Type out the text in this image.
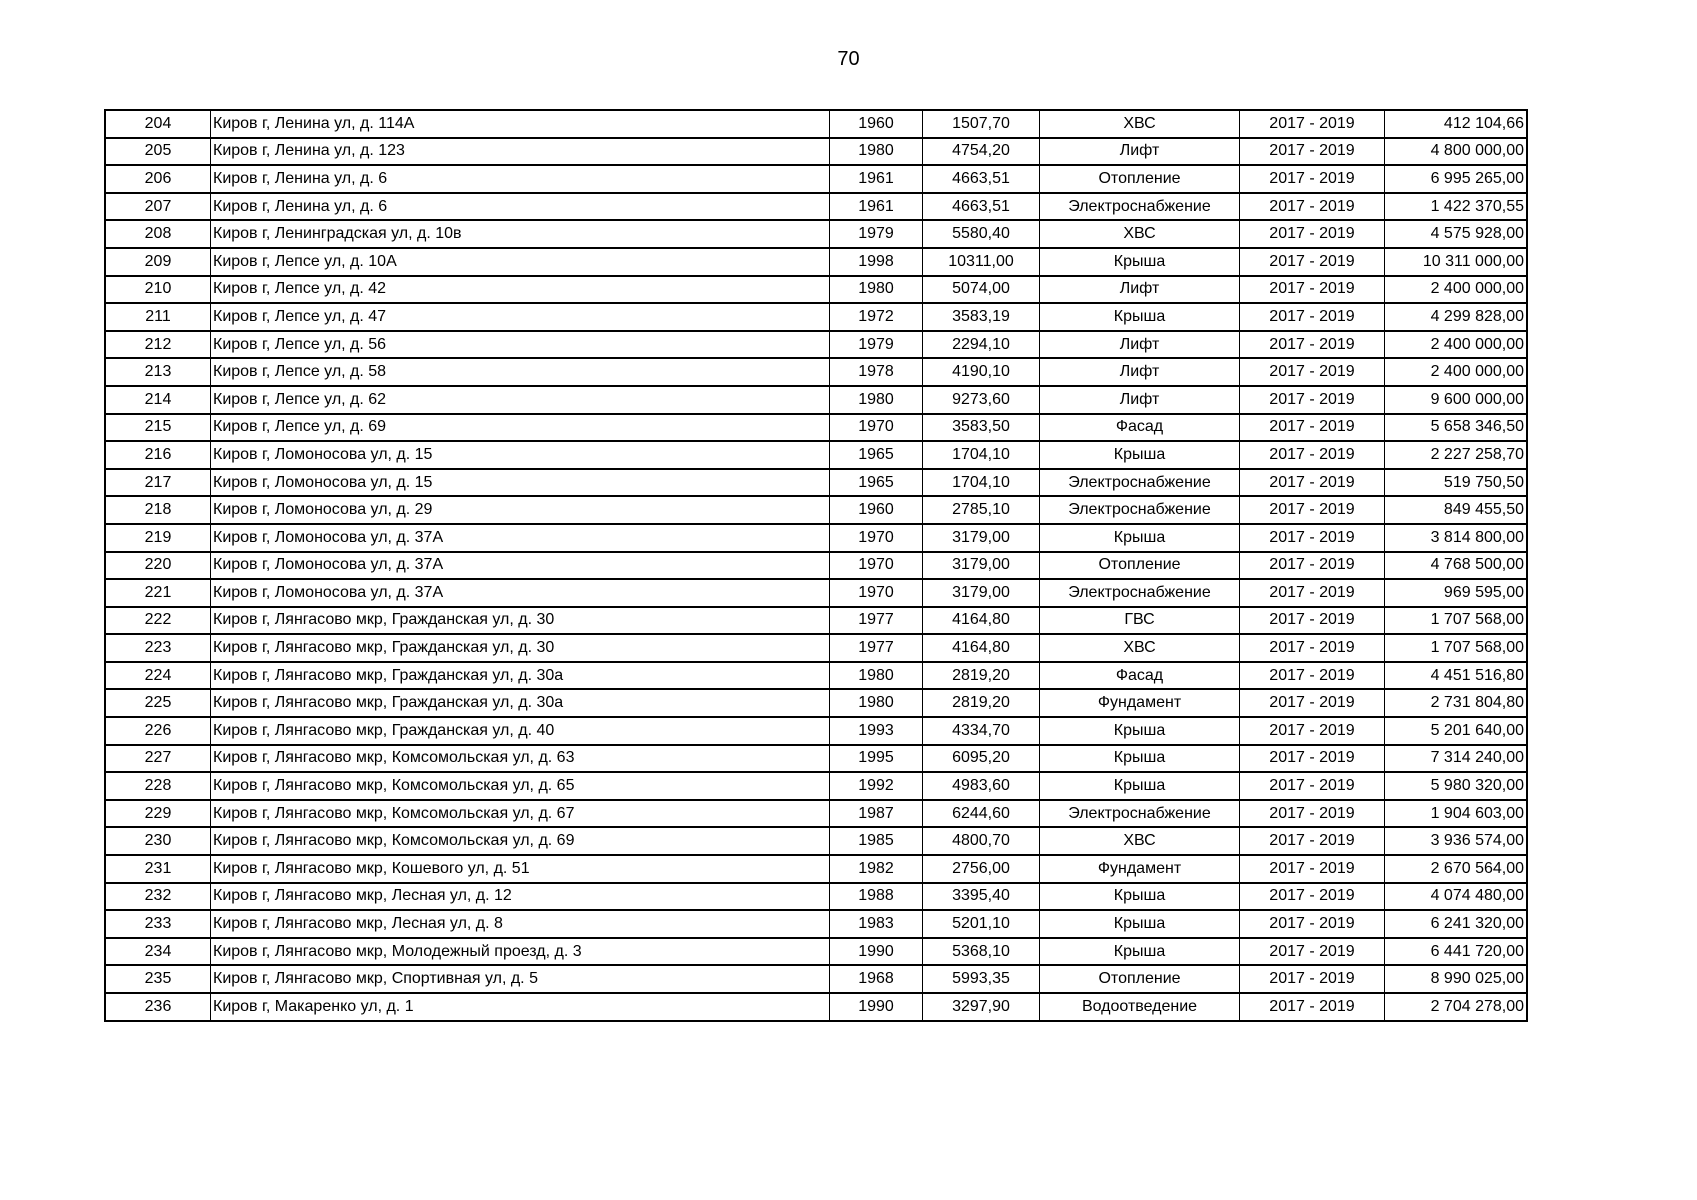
70
204	Киров г, Ленина ул, д. 114А	1960	1507,70	ХВС	2017 - 2019	412 104,66
205	Киров г, Ленина ул, д. 123	1980	4754,20	Лифт	2017 - 2019	4 800 000,00
206	Киров г, Ленина ул, д. 6	1961	4663,51	Отопление	2017 - 2019	6 995 265,00
207	Киров г, Ленина ул, д. 6	1961	4663,51	Электроснабжение	2017 - 2019	1 422 370,55
208	Киров г, Ленинградская ул, д. 10в	1979	5580,40	ХВС	2017 - 2019	4 575 928,00
209	Киров г, Лепсе ул, д. 10А	1998	10311,00	Крыша	2017 - 2019	10 311 000,00
210	Киров г, Лепсе ул, д. 42	1980	5074,00	Лифт	2017 - 2019	2 400 000,00
211	Киров г, Лепсе ул, д. 47	1972	3583,19	Крыша	2017 - 2019	4 299 828,00
212	Киров г, Лепсе ул, д. 56	1979	2294,10	Лифт	2017 - 2019	2 400 000,00
213	Киров г, Лепсе ул, д. 58	1978	4190,10	Лифт	2017 - 2019	2 400 000,00
214	Киров г, Лепсе ул, д. 62	1980	9273,60	Лифт	2017 - 2019	9 600 000,00
215	Киров г, Лепсе ул, д. 69	1970	3583,50	Фасад	2017 - 2019	5 658 346,50
216	Киров г, Ломоносова ул, д. 15	1965	1704,10	Крыша	2017 - 2019	2 227 258,70
217	Киров г, Ломоносова ул, д. 15	1965	1704,10	Электроснабжение	2017 - 2019	519 750,50
218	Киров г, Ломоносова ул, д. 29	1960	2785,10	Электроснабжение	2017 - 2019	849 455,50
219	Киров г, Ломоносова ул, д. 37А	1970	3179,00	Крыша	2017 - 2019	3 814 800,00
220	Киров г, Ломоносова ул, д. 37А	1970	3179,00	Отопление	2017 - 2019	4 768 500,00
221	Киров г, Ломоносова ул, д. 37А	1970	3179,00	Электроснабжение	2017 - 2019	969 595,00
222	Киров г, Лянгасово мкр, Гражданская ул, д. 30	1977	4164,80	ГВС	2017 - 2019	1 707 568,00
223	Киров г, Лянгасово мкр, Гражданская ул, д. 30	1977	4164,80	ХВС	2017 - 2019	1 707 568,00
224	Киров г, Лянгасово мкр, Гражданская ул, д. 30а	1980	2819,20	Фасад	2017 - 2019	4 451 516,80
225	Киров г, Лянгасово мкр, Гражданская ул, д. 30а	1980	2819,20	Фундамент	2017 - 2019	2 731 804,80
226	Киров г, Лянгасово мкр, Гражданская ул, д. 40	1993	4334,70	Крыша	2017 - 2019	5 201 640,00
227	Киров г, Лянгасово мкр, Комсомольская ул, д. 63	1995	6095,20	Крыша	2017 - 2019	7 314 240,00
228	Киров г, Лянгасово мкр, Комсомольская ул, д. 65	1992	4983,60	Крыша	2017 - 2019	5 980 320,00
229	Киров г, Лянгасово мкр, Комсомольская ул, д. 67	1987	6244,60	Электроснабжение	2017 - 2019	1 904 603,00
230	Киров г, Лянгасово мкр, Комсомольская ул, д. 69	1985	4800,70	ХВС	2017 - 2019	3 936 574,00
231	Киров г, Лянгасово мкр, Кошевого ул, д. 51	1982	2756,00	Фундамент	2017 - 2019	2 670 564,00
232	Киров г, Лянгасово мкр, Лесная ул, д. 12	1988	3395,40	Крыша	2017 - 2019	4 074 480,00
233	Киров г, Лянгасово мкр, Лесная ул, д. 8	1983	5201,10	Крыша	2017 - 2019	6 241 320,00
234	Киров г, Лянгасово мкр, Молодежный проезд, д. 3	1990	5368,10	Крыша	2017 - 2019	6 441 720,00
235	Киров г, Лянгасово мкр, Спортивная ул, д. 5	1968	5993,35	Отопление	2017 - 2019	8 990 025,00
236	Киров г, Макаренко ул, д. 1	1990	3297,90	Водоотведение	2017 - 2019	2 704 278,00
